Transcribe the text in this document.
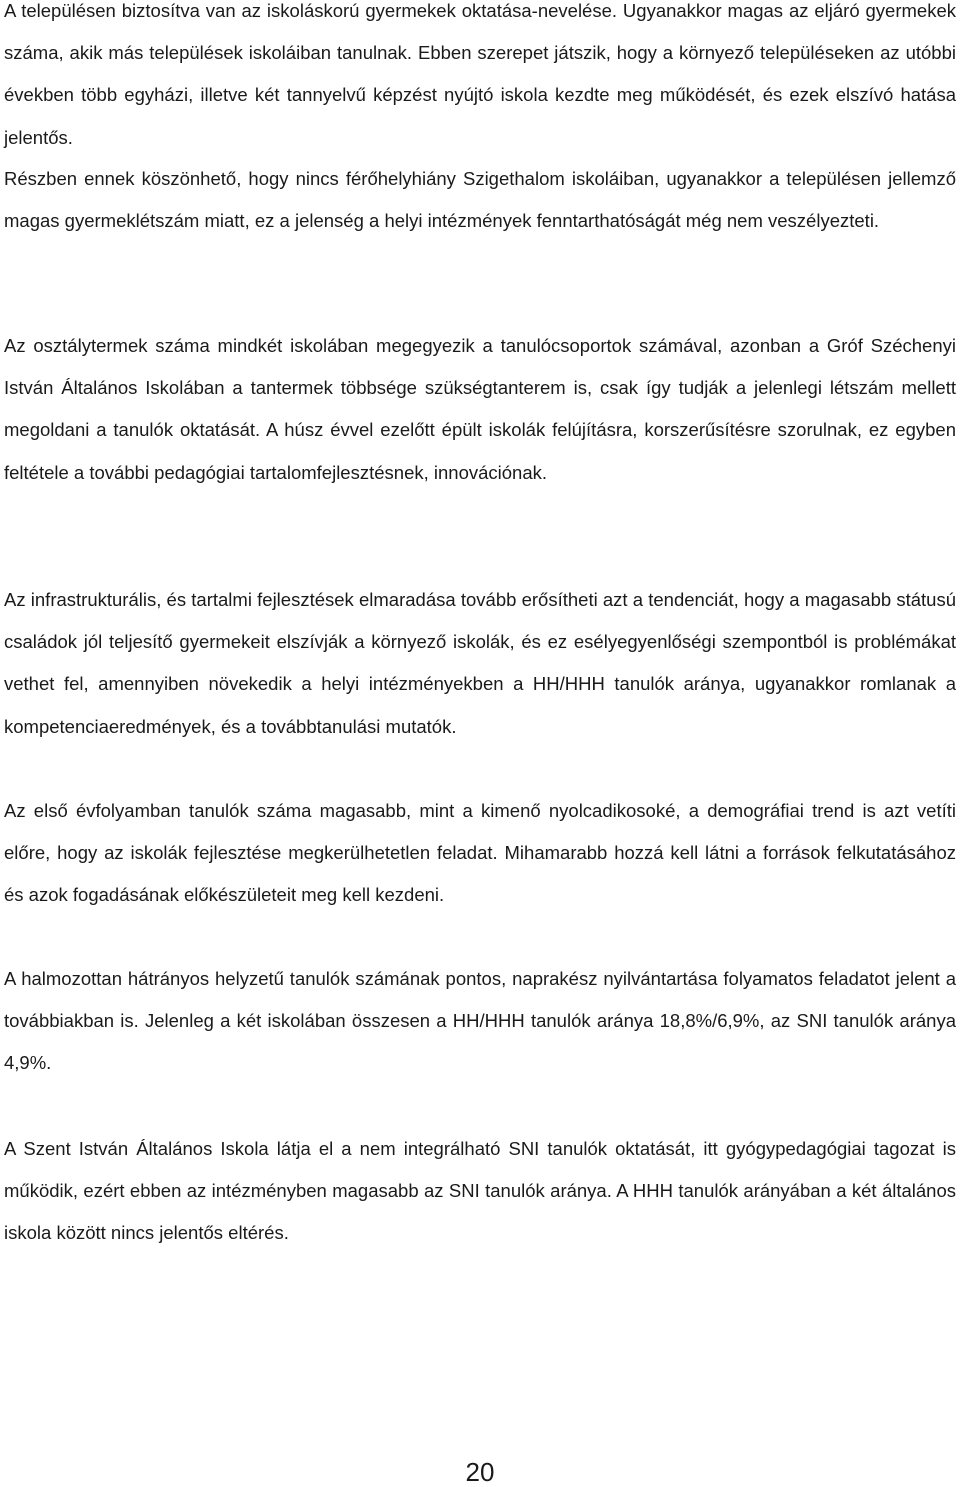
A településen biztosítva van az iskoláskorú gyermekek oktatása-nevelése. Ugyanakkor magas az eljáró gyermekek száma, akik más települések iskoláiban tanulnak. Ebben szerepet játszik, hogy a környező településeken az utóbbi években több egyházi, illetve két tannyelvű képzést nyújtó iskola kezdte meg működését, és ezek elszívó hatása jelentős.

Részben ennek köszönhető, hogy nincs férőhelyhiány Szigethalom iskoláiban, ugyanakkor a településen jellemző magas gyermeklétszám miatt, ez a jelenség a helyi intézmények fenntarthatóságát még nem veszélyezteti.

Az osztálytermek száma mindkét iskolában megegyezik a tanulócsoportok számával, azonban a Gróf Széchenyi István Általános Iskolában a tantermek többsége szükségtanterem is, csak így tudják a jelenlegi létszám mellett megoldani a tanulók oktatását. A húsz évvel ezelőtt épült iskolák felújításra, korszerűsítésre szorulnak, ez egyben feltétele a további pedagógiai tartalomfejlesztésnek, innovációnak.

Az infrastrukturális, és tartalmi fejlesztések elmaradása tovább erősítheti azt a tendenciát, hogy a magasabb státusú családok jól teljesítő gyermekeit elszívják a környező iskolák, és ez esélyegyenlőségi szempontból is problémákat vethet fel, amennyiben növekedik a helyi intézményekben a HH/HHH tanulók aránya, ugyanakkor romlanak a kompetenciaeredmények, és a továbbtanulási mutatók.

Az első évfolyamban tanulók száma magasabb, mint a kimenő nyolcadikosoké, a demográfiai trend is azt vetíti előre, hogy az iskolák fejlesztése megkerülhetetlen feladat. Mihamarabb hozzá kell látni a források felkutatásához és azok fogadásának előkészületeit meg kell kezdeni.

A halmozottan hátrányos helyzetű tanulók számának pontos, naprakész nyilvántartása folyamatos feladatot jelent a továbbiakban is. Jelenleg a két iskolában összesen a HH/HHH tanulók aránya 18,8%/6,9%, az SNI tanulók aránya 4,9%.

A Szent István Általános Iskola látja el a nem integrálható SNI tanulók oktatását, itt gyógypedagógiai tagozat is működik, ezért ebben az intézményben magasabb az SNI tanulók aránya. A HHH tanulók arányában a két általános iskola között nincs jelentős eltérés.

20
